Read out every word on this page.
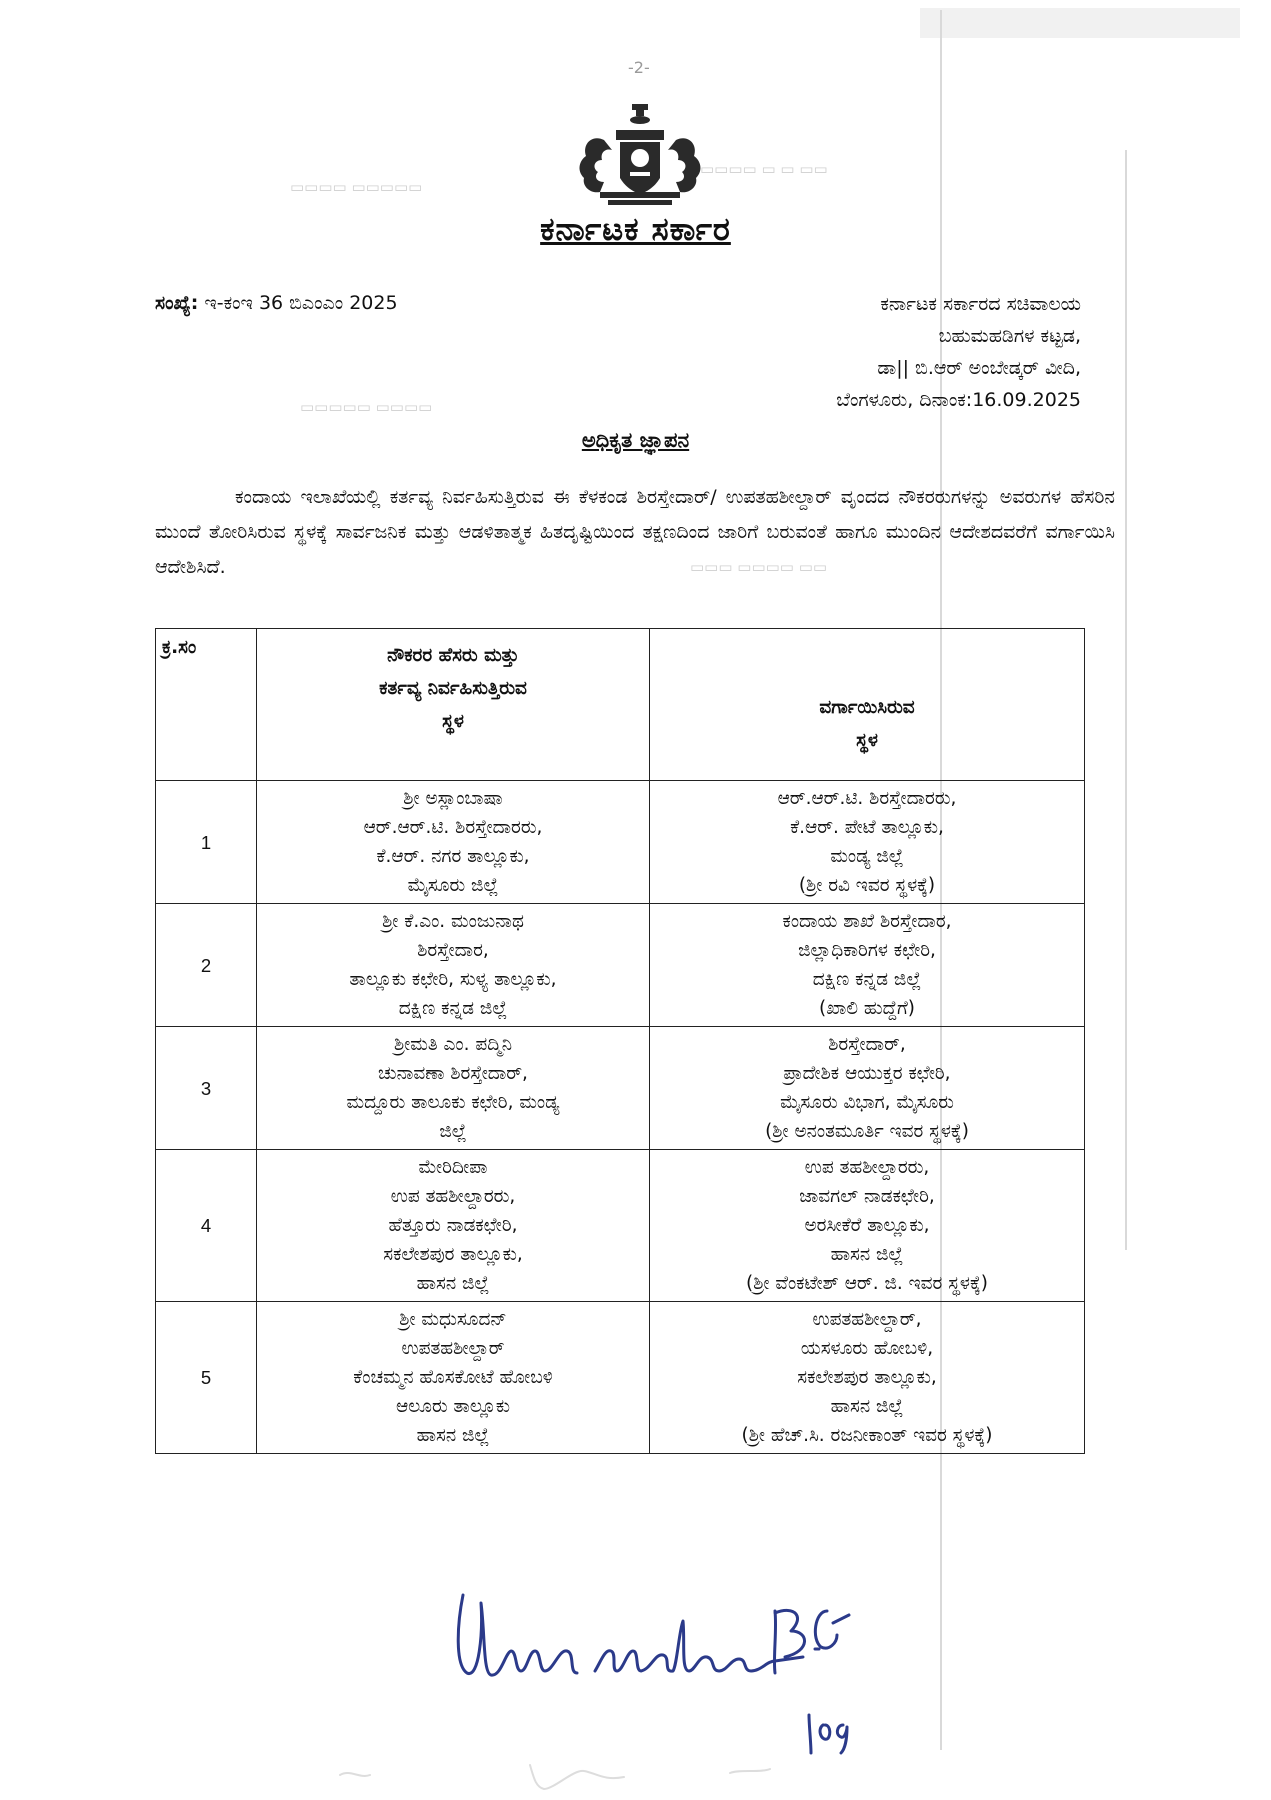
▭▭▭▭ ▭▭▭▭▭
▭▭▭▭ ▭ ▭ ▭▭
▭▭▭▭▭ ▭▭▭▭
▭▭▭ ▭▭▭▭ ▭▭
-2-
ಕರ್ನಾಟಕ ಸರ್ಕಾರ
ಸಂಖ್ಯೆ: ಇ-ಕಂಇ 36 ಬಿಎಂಎಂ 2025	ಕರ್ನಾಟಕ ಸರ್ಕಾರದ ಸಚಿವಾಲಯ
ಬಹುಮಹಡಿಗಳ ಕಟ್ಟಡ,
ಡಾ|| ಬಿ.ಆರ್ ಅಂಬೇಡ್ಕರ್ ವೀದಿ,
ಬೆಂಗಳೂರು, ದಿನಾಂಕ:16.09.2025
ಅಧಿಕೃತ ಜ್ಞಾಪನ
ಕಂದಾಯ ಇಲಾಖೆಯಲ್ಲಿ ಕರ್ತವ್ಯ ನಿರ್ವಹಿಸುತ್ತಿರುವ ಈ ಕೆಳಕಂಡ ಶಿರಸ್ತೇದಾರ್/ ಉಪತಹಶೀಲ್ದಾರ್ ವೃಂದದ ನೌಕರರುಗಳನ್ನು ಅವರುಗಳ ಹೆಸರಿನ ಮುಂದೆ ತೋರಿಸಿರುವ ಸ್ಥಳಕ್ಕೆ ಸಾರ್ವಜನಿಕ ಮತ್ತು ಆಡಳಿತಾತ್ಮಕ ಹಿತದೃಷ್ಟಿಯಿಂದ ತಕ್ಷಣದಿಂದ ಜಾರಿಗೆ ಬರುವಂತೆ ಹಾಗೂ ಮುಂದಿನ ಆದೇಶದವರೆಗೆ ವರ್ಗಾಯಿಸಿ ಆದೇಶಿಸಿದೆ.
ಕ್ರ.ಸಂ	ನೌಕರರ ಹೆಸರು ಮತ್ತು
ಕರ್ತವ್ಯ ನಿರ್ವಹಿಸುತ್ತಿರುವ
ಸ್ಥಳ	ವರ್ಗಾಯಿಸಿರುವ
ಸ್ಥಳ

1	ಶ್ರೀ ಅಸ್ಲಾಂಬಾಷಾ
ಆರ್.ಆರ್.ಟಿ. ಶಿರಸ್ತೇದಾರರು,
ಕೆ.ಆರ್. ನಗರ ತಾಲ್ಲೂಕು,
ಮೈಸೂರು ಜಿಲ್ಲೆ	ಆರ್.ಆರ್.ಟಿ. ಶಿರಸ್ತೇದಾರರು,
ಕೆ.ಆರ್. ಪೇಟೆ ತಾಲ್ಲೂಕು,
ಮಂಡ್ಯ ಜಿಲ್ಲೆ
(ಶ್ರೀ ರವಿ ಇವರ ಸ್ಥಳಕ್ಕೆ)

2	ಶ್ರೀ ಕೆ.ಎಂ. ಮಂಜುನಾಥ
ಶಿರಸ್ತೇದಾರ,
ತಾಲ್ಲೂಕು ಕಛೇರಿ, ಸುಳ್ಯ ತಾಲ್ಲೂಕು,
ದಕ್ಷಿಣ ಕನ್ನಡ ಜಿಲ್ಲೆ	ಕಂದಾಯ ಶಾಖೆ ಶಿರಸ್ತೇದಾರ,
ಜಿಲ್ಲಾಧಿಕಾರಿಗಳ ಕಛೇರಿ,
ದಕ್ಷಿಣ ಕನ್ನಡ ಜಿಲ್ಲೆ
(ಖಾಲಿ ಹುದ್ದೆಗೆ)

3	ಶ್ರೀಮತಿ ಎಂ. ಪದ್ಮಿನಿ
ಚುನಾವಣಾ ಶಿರಸ್ತೇದಾರ್,
ಮದ್ದೂರು ತಾಲೂಕು ಕಛೇರಿ, ಮಂಡ್ಯ
ಜಿಲ್ಲೆ	ಶಿರಸ್ತೇದಾರ್,
ಪ್ರಾದೇಶಿಕ ಆಯುಕ್ತರ ಕಛೇರಿ,
ಮೈಸೂರು ವಿಭಾಗ, ಮೈಸೂರು
(ಶ್ರೀ ಅನಂತಮೂರ್ತಿ ಇವರ ಸ್ಥಳಕ್ಕೆ)

4	ಮೇರಿದೀಪಾ
ಉಪ ತಹಶೀಲ್ದಾರರು,
ಹೆತ್ತೂರು ನಾಡಕಛೇರಿ,
ಸಕಲೇಶಪುರ ತಾಲ್ಲೂಕು,
ಹಾಸನ ಜಿಲ್ಲೆ	ಉಪ ತಹಶೀಲ್ದಾರರು,
ಜಾವಗಲ್ ನಾಡಕಛೇರಿ,
ಅರಸೀಕೆರೆ ತಾಲ್ಲೂಕು,
ಹಾಸನ ಜಿಲ್ಲೆ
(ಶ್ರೀ ವೆಂಕಟೇಶ್ ಆರ್. ಜಿ. ಇವರ ಸ್ಥಳಕ್ಕೆ)

5	ಶ್ರೀ ಮಧುಸೂದನ್
ಉಪತಹಶೀಲ್ದಾರ್
ಕೆಂಚಮ್ಮನ ಹೊಸಕೋಟೆ ಹೋಬಳಿ
ಆಲೂರು ತಾಲ್ಲೂಕು
ಹಾಸನ ಜಿಲ್ಲೆ	ಉಪತಹಶೀಲ್ದಾರ್,
ಯಸಳೂರು ಹೋಬಳಿ,
ಸಕಲೇಶಪುರ ತಾಲ್ಲೂಕು,
ಹಾಸನ ಜಿಲ್ಲೆ
(ಶ್ರೀ ಹೆಚ್.ಸಿ. ರಜನೀಕಾಂತ್ ಇವರ ಸ್ಥಳಕ್ಕೆ)
Uma mahesh B.G
